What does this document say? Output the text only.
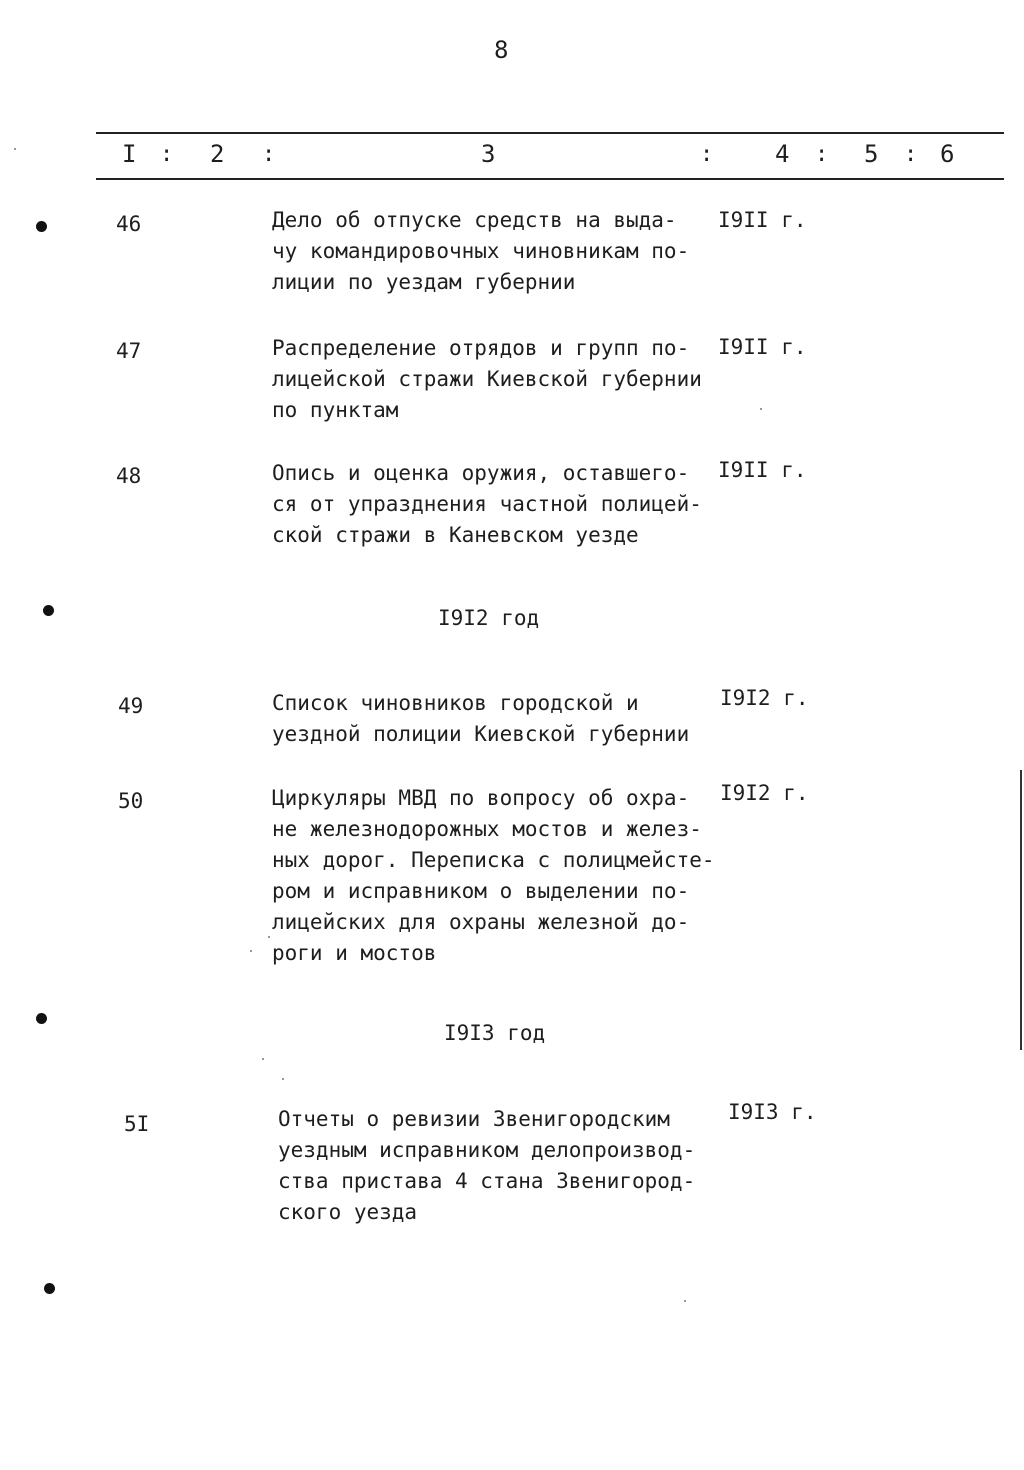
8
I : 2 :	3	:	4 : 5 : 6
46	Дело об отпуске средств на выда-
чу командировочных чиновникам по-
лиции по уездам губернии
I9II г.
47	Распределение отрядов и групп по-
лицейской стражи Киевской губернии
по пунктам
I9II г.
48	Опись и оценка оружия, оставшего-
ся от упразднения частной полицей-
ской стражи в Каневском уезде
I9II г.
I9I2 год
49	Список чиновников городской и
уездной полиции Киевской губернии
I9I2 г.
50	Циркуляры МВД по вопросу об охра-
не железнодорожных мостов и желез-
ных дорог. Переписка с полицмейсте-
ром и исправником о выделении по-
лицейских для охраны железной до-
роги и мостов
I9I2 г.
I9I3 год
5I	Отчеты о ревизии Звенигородским
уездным исправником делопроизвод-
ства пристава 4 стана Звенигород-
ского уезда
I9I3 г.
